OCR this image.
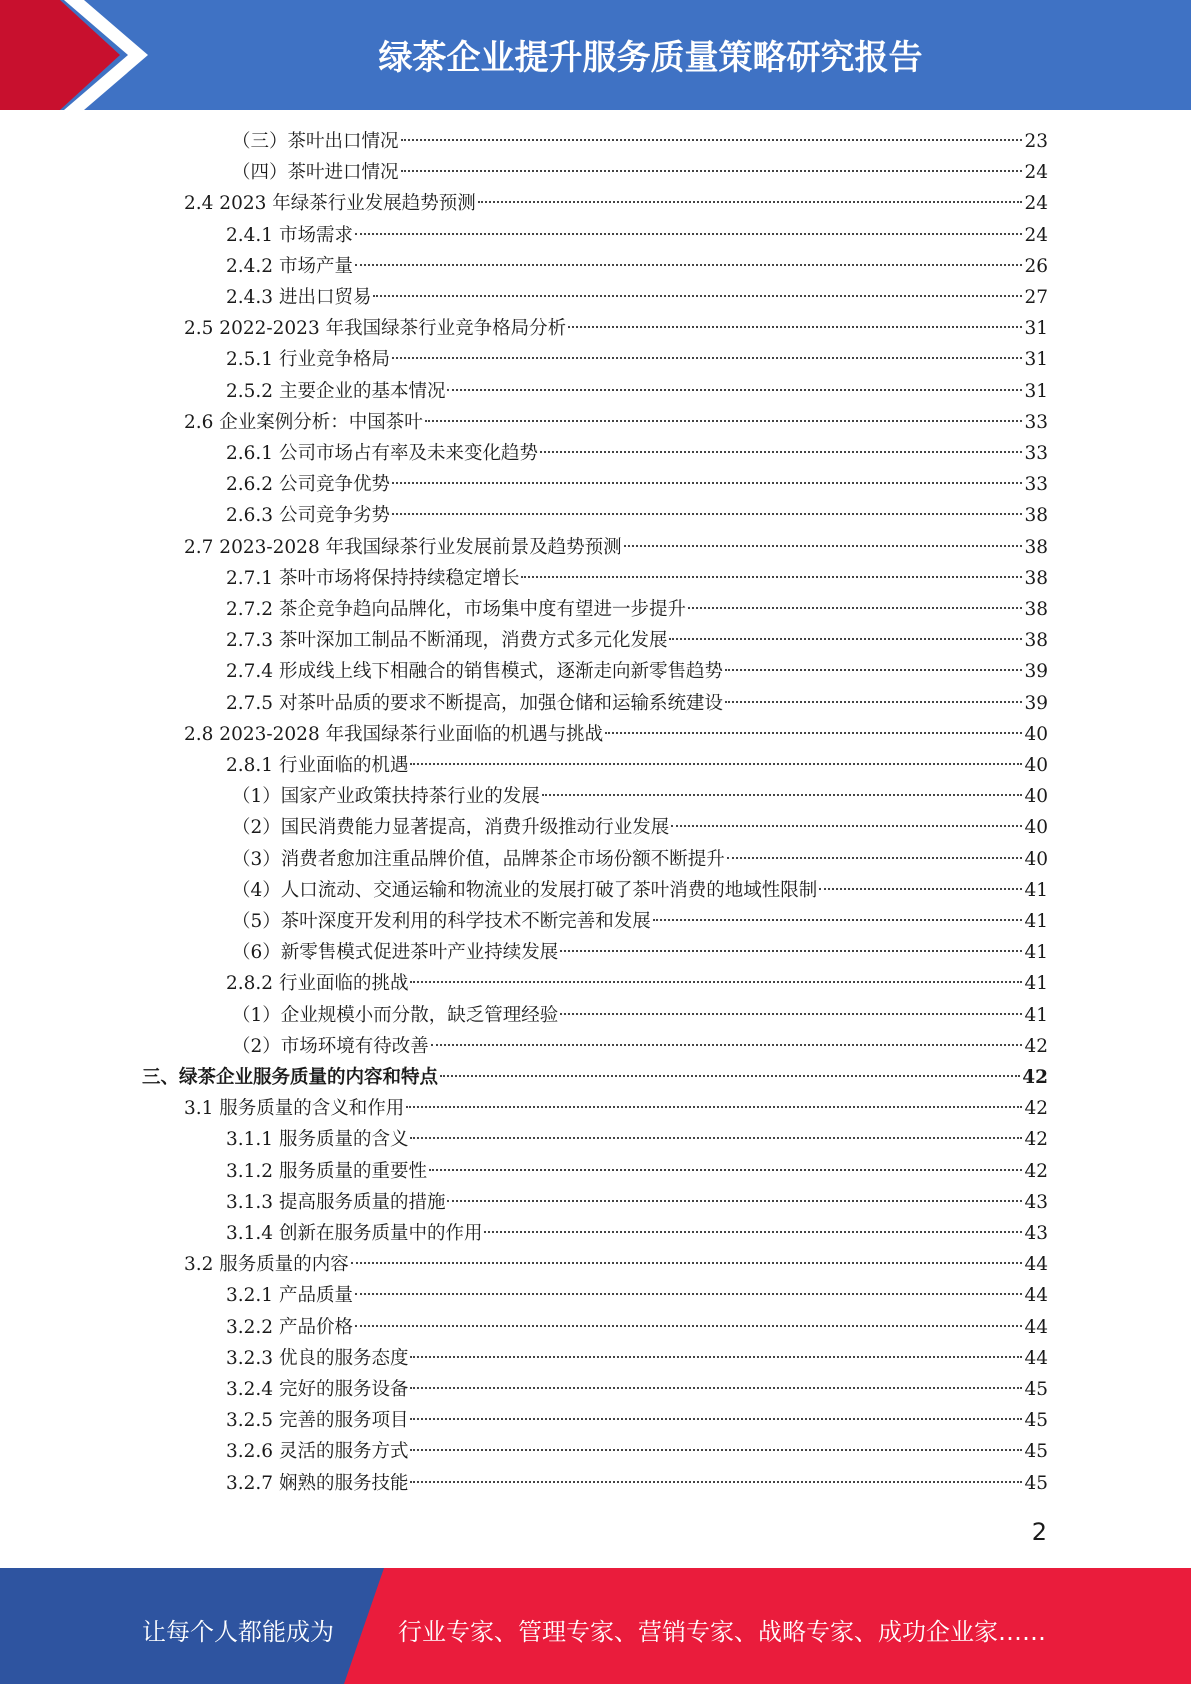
绿茶企业提升服务质量策略研究报告
（三）茶叶出口情况	23
（四）茶叶进口情况	24
2.4 2023 年绿茶行业发展趋势预测	24
2.4.1 市场需求	24
2.4.2 市场产量	26
2.4.3 进出口贸易	27
2.5 2022-2023 年我国绿茶行业竞争格局分析	31
2.5.1 行业竞争格局	31
2.5.2 主要企业的基本情况	31
2.6 企业案例分析：中国茶叶	33
2.6.1 公司市场占有率及未来变化趋势	33
2.6.2 公司竞争优势	33
2.6.3 公司竞争劣势	38
2.7 2023-2028 年我国绿茶行业发展前景及趋势预测	38
2.7.1 茶叶市场将保持持续稳定增长	38
2.7.2 茶企竞争趋向品牌化，市场集中度有望进一步提升	38
2.7.3 茶叶深加工制品不断涌现，消费方式多元化发展	38
2.7.4 形成线上线下相融合的销售模式，逐渐走向新零售趋势	39
2.7.5 对茶叶品质的要求不断提高，加强仓储和运输系统建设	39
2.8 2023-2028 年我国绿茶行业面临的机遇与挑战	40
2.8.1 行业面临的机遇	40
（1）国家产业政策扶持茶行业的发展	40
（2）国民消费能力显著提高，消费升级推动行业发展	40
（3）消费者愈加注重品牌价值，品牌茶企市场份额不断提升	40
（4）人口流动、交通运输和物流业的发展打破了茶叶消费的地域性限制	41
（5）茶叶深度开发利用的科学技术不断完善和发展	41
（6）新零售模式促进茶叶产业持续发展	41
2.8.2 行业面临的挑战	41
（1）企业规模小而分散，缺乏管理经验	41
（2）市场环境有待改善	42
三、绿茶企业服务质量的内容和特点	42
3.1 服务质量的含义和作用	42
3.1.1 服务质量的含义	42
3.1.2 服务质量的重要性	42
3.1.3 提高服务质量的措施	43
3.1.4 创新在服务质量中的作用	43
3.2 服务质量的内容	44
3.2.1 产品质量	44
3.2.2 产品价格	44
3.2.3 优良的服务态度	44
3.2.4 完好的服务设备	45
3.2.5 完善的服务项目	45
3.2.6 灵活的服务方式	45
3.2.7 娴熟的服务技能	45
2
让每个人都能成为	行业专家、管理专家、营销专家、战略专家、成功企业家……
